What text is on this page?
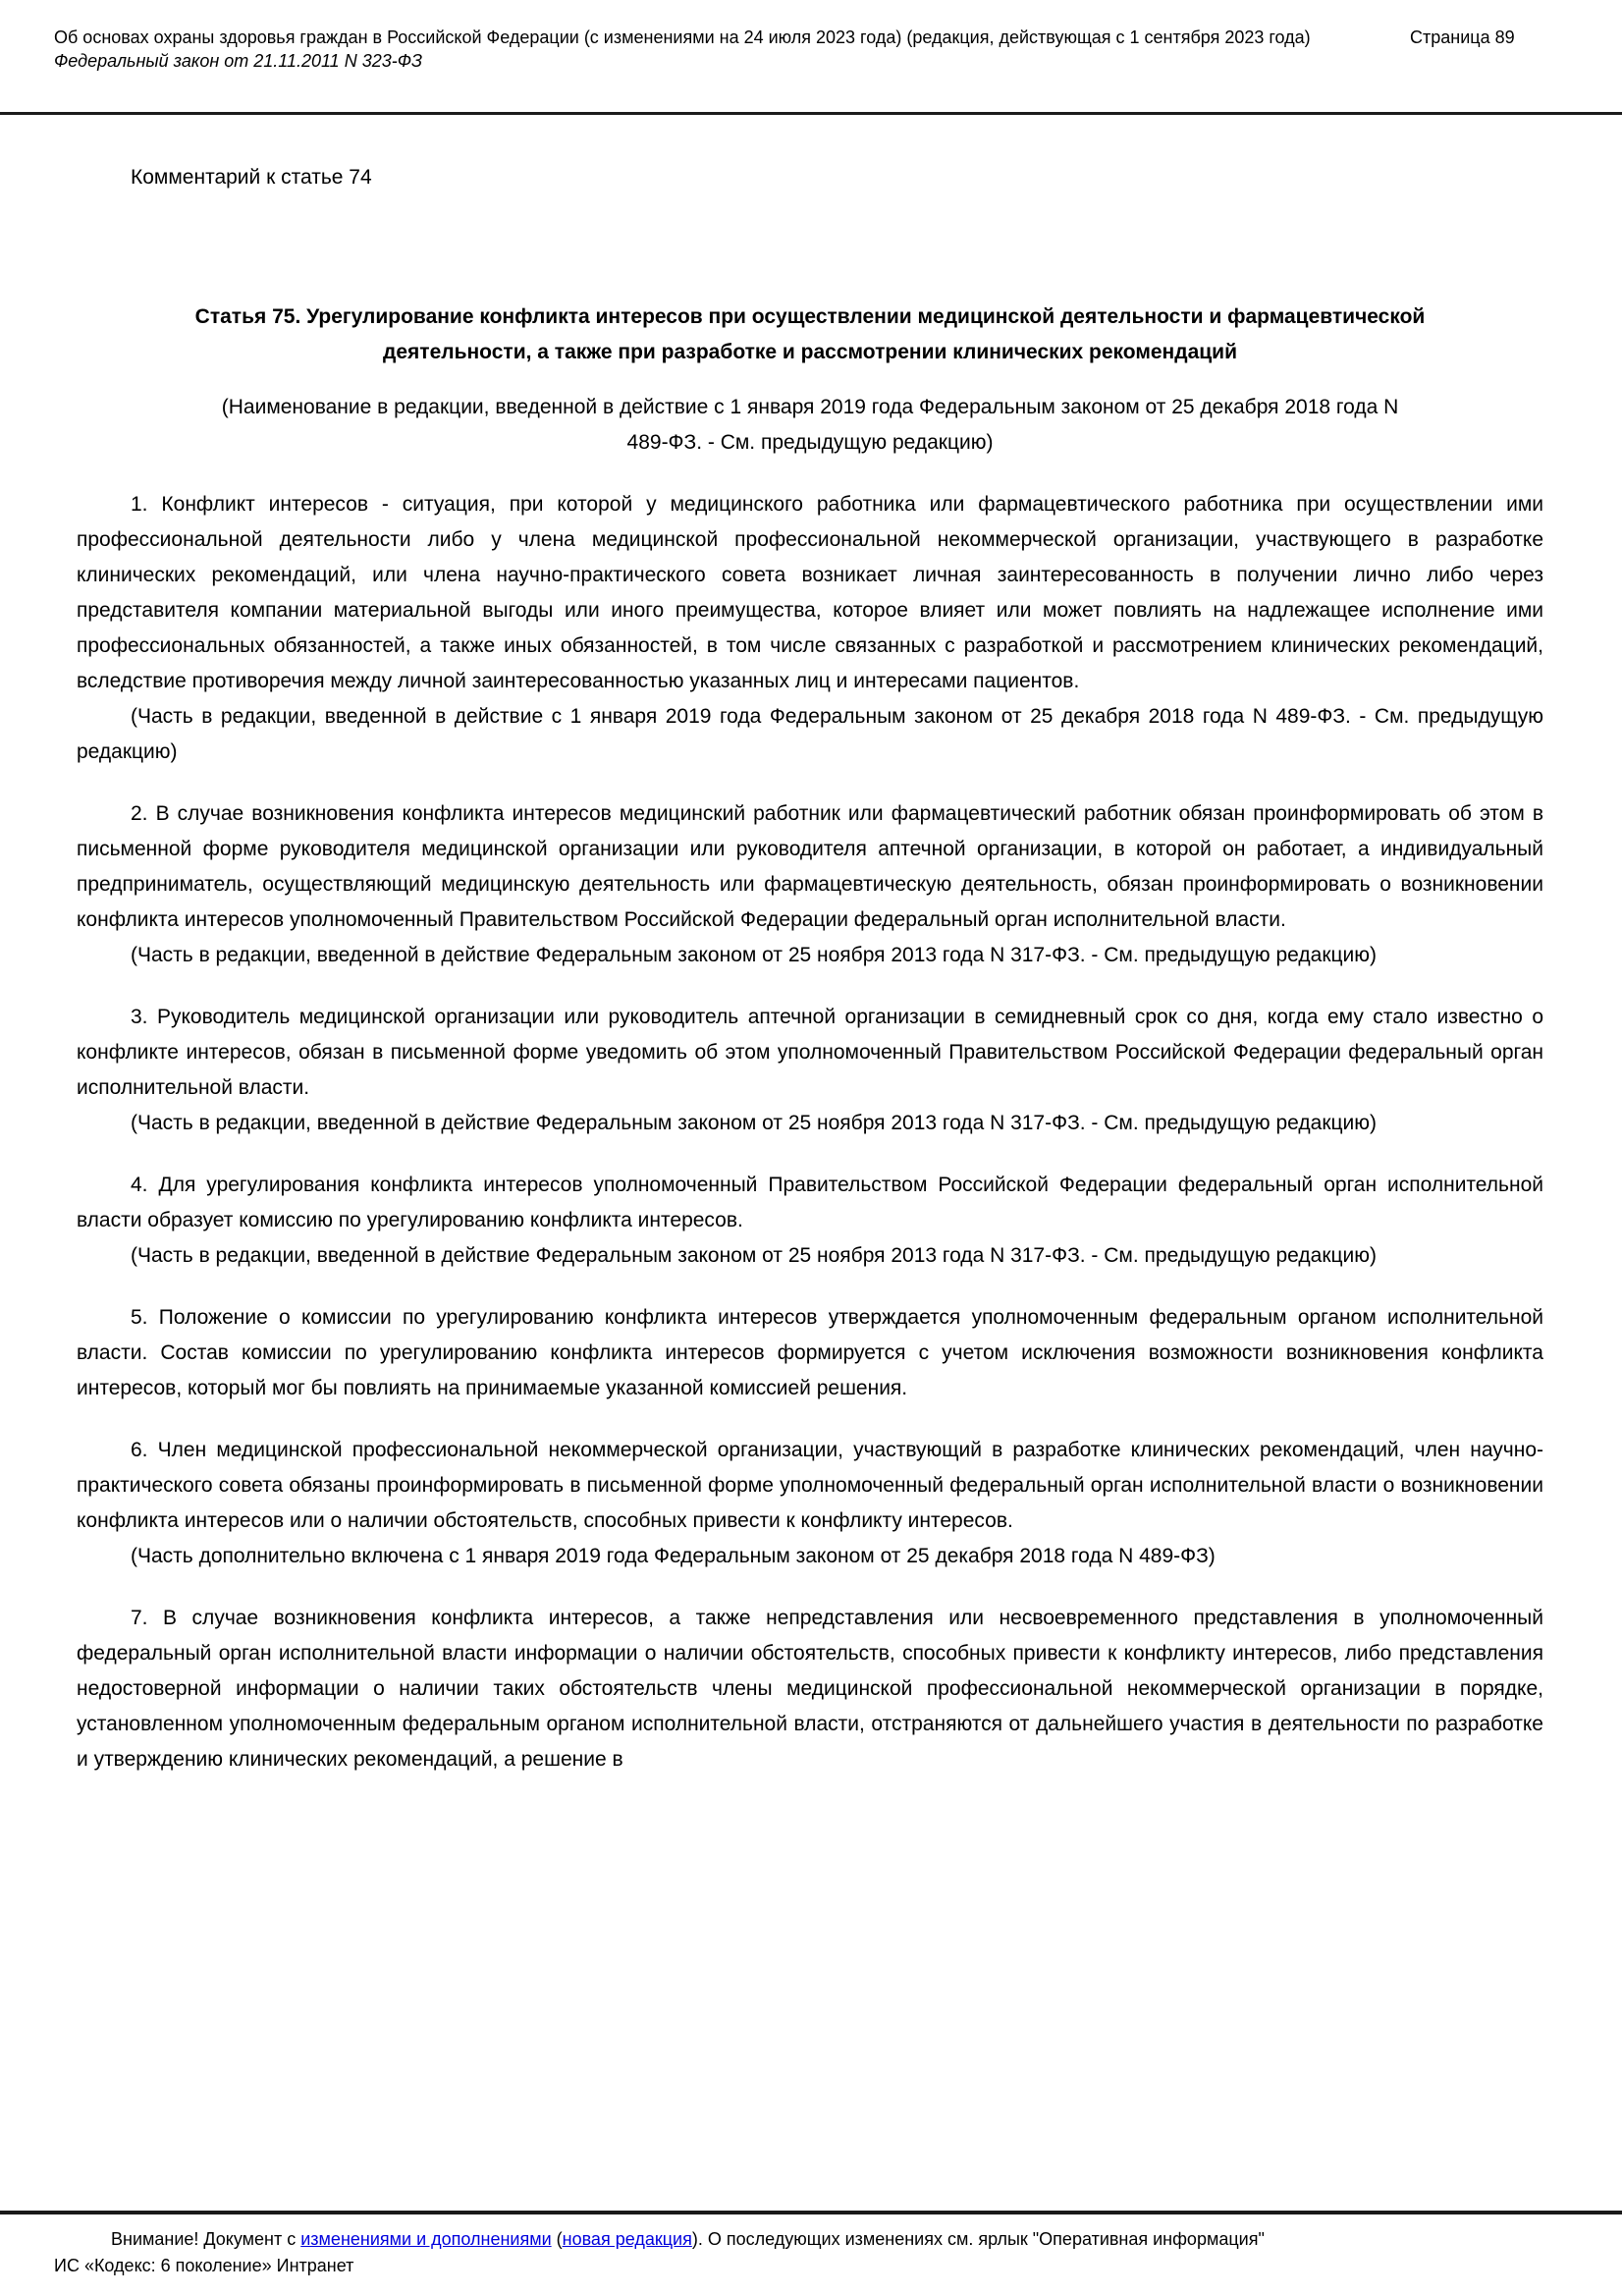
Об основах охраны здоровья граждан в Российской Федерации (с изменениями на 24 июля 2023 года) (редакция, действующая с 1 сентября 2023 года)	Страница 89
Федеральный закон от 21.11.2011 N 323-ФЗ

Комментарий к статье 74

Статья 75. Урегулирование конфликта интересов при осуществлении медицинской деятельности и фармацевтической деятельности, а также при разработке и рассмотрении клинических рекомендаций

(Наименование в редакции, введенной в действие с 1 января 2019 года Федеральным законом от 25 декабря 2018 года N 489-ФЗ. - См. предыдущую редакцию)

1. Конфликт интересов - ситуация, при которой у медицинского работника или фармацевтического работника при осуществлении ими профессиональной деятельности либо у члена медицинской профессиональной некоммерческой организации, участвующего в разработке клинических рекомендаций, или члена научно-практического совета возникает личная заинтересованность в получении лично либо через представителя компании материальной выгоды или иного преимущества, которое влияет или может повлиять на надлежащее исполнение ими профессиональных обязанностей, а также иных обязанностей, в том числе связанных с разработкой и рассмотрением клинических рекомендаций, вследствие противоречия между личной заинтересованностью указанных лиц и интересами пациентов.

(Часть в редакции, введенной в действие с 1 января 2019 года Федеральным законом от 25 декабря 2018 года N 489-ФЗ. - См. предыдущую редакцию)

2. В случае возникновения конфликта интересов медицинский работник или фармацевтический работник обязан проинформировать об этом в письменной форме руководителя медицинской организации или руководителя аптечной организации, в которой он работает, а индивидуальный предприниматель, осуществляющий медицинскую деятельность или фармацевтическую деятельность, обязан проинформировать о возникновении конфликта интересов уполномоченный Правительством Российской Федерации федеральный орган исполнительной власти.

(Часть в редакции, введенной в действие Федеральным законом от 25 ноября 2013 года N 317-ФЗ. - См. предыдущую редакцию)

3. Руководитель медицинской организации или руководитель аптечной организации в семидневный срок со дня, когда ему стало известно о конфликте интересов, обязан в письменной форме уведомить об этом уполномоченный Правительством Российской Федерации федеральный орган исполнительной власти.

(Часть в редакции, введенной в действие Федеральным законом от 25 ноября 2013 года N 317-ФЗ. - См. предыдущую редакцию)

4. Для урегулирования конфликта интересов уполномоченный Правительством Российской Федерации федеральный орган исполнительной власти образует комиссию по урегулированию конфликта интересов.

(Часть в редакции, введенной в действие Федеральным законом от 25 ноября 2013 года N 317-ФЗ. - См. предыдущую редакцию)

5. Положение о комиссии по урегулированию конфликта интересов утверждается уполномоченным федеральным органом исполнительной власти. Состав комиссии по урегулированию конфликта интересов формируется с учетом исключения возможности возникновения конфликта интересов, который мог бы повлиять на принимаемые указанной комиссией решения.

6. Член медицинской профессиональной некоммерческой организации, участвующий в разработке клинических рекомендаций, член научно-практического совета обязаны проинформировать в письменной форме уполномоченный федеральный орган исполнительной власти о возникновении конфликта интересов или о наличии обстоятельств, способных привести к конфликту интересов.

(Часть дополнительно включена с 1 января 2019 года Федеральным законом от 25 декабря 2018 года N 489-ФЗ)

7. В случае возникновения конфликта интересов, а также непредставления или несвоевременного представления в уполномоченный федеральный орган исполнительной власти информации о наличии обстоятельств, способных привести к конфликту интересов, либо представления недостоверной информации о наличии таких обстоятельств члены медицинской профессиональной некоммерческой организации в порядке, установленном уполномоченным федеральным органом исполнительной власти, отстраняются от дальнейшего участия в деятельности по разработке и утверждению клинических рекомендаций, а решение в

Внимание! Документ с изменениями и дополнениями (новая редакция). О последующих изменениях см. ярлык "Оперативная информация"
ИС «Кодекс: 6 поколение» Интранет
